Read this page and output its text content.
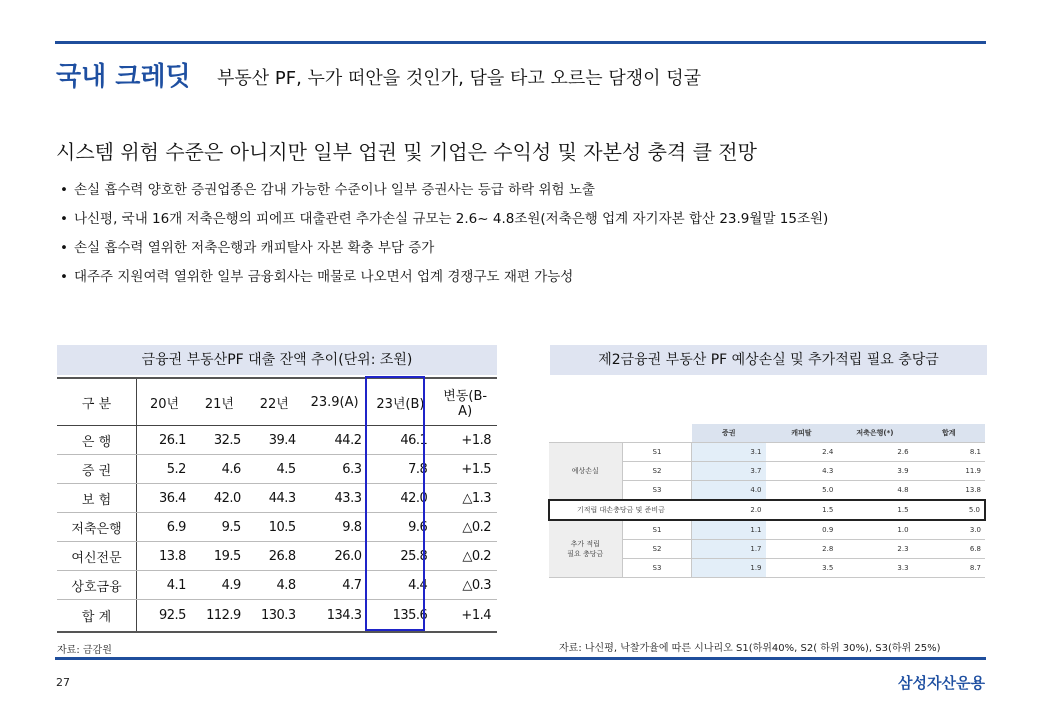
국내 크레딧 부동산 PF, 누가 떠안을 것인가, 담을 타고 오르는 담쟁이 덩굴
시스템 위험 수준은 아니지만 일부 업권 및 기업은 수익성 및 자본성 충격 클 전망
• 손실 흡수력 양호한 증권업종은 감내 가능한 수준이나 일부 증권사는 등급 하락 위험 노출
• 나신평, 국내 16개 저축은행의 피에프 대출관련 추가손실 규모는 2.6~ 4.8조원(저축은행 업계 자기자본 합산 23.9월말 15조원)
• 손실 흡수력 열위한 저축은행과 캐피탈사 자본 확충 부담 증가
• 대주주 지원여력 열위한 일부 금융회사는 매물로 나오면서 업계 경쟁구도 재편 가능성
금융권 부동산PF 대출 잔액 추이(단위: 조원)
구 분	20년	21년	22년	23.9(A)	23년(B)	변동(B-A)
은 행	26.1	32.5	39.4	44.2	46.1	+1.8
증 권	5.2	4.6	4.5	6.3	7.8	+1.5
보 험	36.4	42.0	44.3	43.3	42.0	△1.3
저축은행	6.9	9.5	10.5	9.8	9.6	△0.2
여신전문	13.8	19.5	26.8	26.0	25.8	△0.2
상호금융	4.1	4.9	4.8	4.7	4.4	△0.3
합 계	92.5	112.9	130.3	134.3	135.6	+1.4
자료: 금감원
제2금융권 부동산 PF 예상손실 및 추가적립 필요 충당금
		증권	캐피탈	저축은행(*)	합계
예상손실	S1	3.1	2.4	2.6	8.1
	S2	3.7	4.3	3.9	11.9
	S3	4.0	5.0	4.8	13.8
기적립 대손충당금 및 준비금		2.0	1.5	1.5	5.0
추가 적립
필요 충당금	S1	1.1	0.9	1.0	3.0
	S2	1.7	2.8	2.3	6.8
	S3	1.9	3.5	3.3	8.7
자료: 나신평, 낙찰가율에 따른 시나리오 S1(하위40%, S2( 하위 30%), S3(하위 25%)
27	삼성자산운용
